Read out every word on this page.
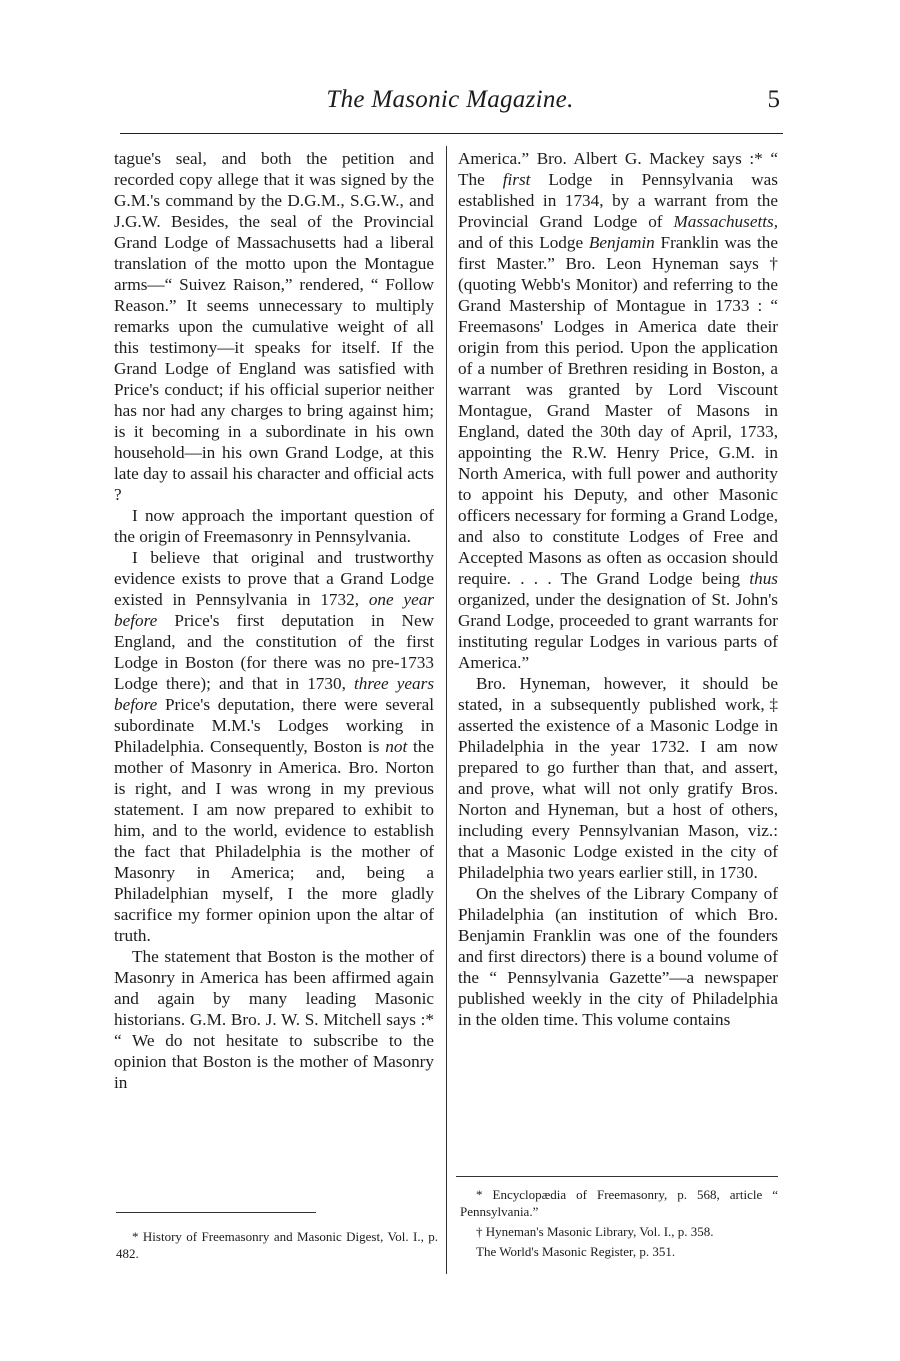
The Masonic Magazine.	5

tague's seal, and both the petition and recorded copy allege that it was signed by the G.M.'s command by the D.G.M., S.G.W., and J.G.W. Besides, the seal of the Provincial Grand Lodge of Massachusetts had a liberal translation of the motto upon the Montague arms—“ Suivez Raison,” rendered, “ Follow Reason.” It seems unnecessary to multiply remarks upon the cumulative weight of all this testimony—it speaks for itself. If the Grand Lodge of England was satisfied with Price's conduct; if his official superior neither has nor had any charges to bring against him; is it becoming in a subordinate in his own household—in his own Grand Lodge, at this late day to assail his character and official acts ?

I now approach the important question of the origin of Freemasonry in Pennsylvania.

I believe that original and trustworthy evidence exists to prove that a Grand Lodge existed in Pennsylvania in 1732, one year before Price's first deputation in New England, and the constitution of the first Lodge in Boston (for there was no pre-1733 Lodge there); and that in 1730, three years before Price's deputation, there were several subordinate M.M.'s Lodges working in Philadelphia. Consequently, Boston is not the mother of Masonry in America. Bro. Norton is right, and I was wrong in my previous statement. I am now prepared to exhibit to him, and to the world, evidence to establish the fact that Philadelphia is the mother of Masonry in America; and, being a Philadelphian myself, I the more gladly sacrifice my former opinion upon the altar of truth.

The statement that Boston is the mother of Masonry in America has been affirmed again and again by many leading Masonic historians. G.M. Bro. J. W. S. Mitchell says :* “ We do not hesitate to subscribe to the opinion that Boston is the mother of Masonry in

America.” Bro. Albert G. Mackey says :* “ The first Lodge in Pennsylvania was established in 1734, by a warrant from the Provincial Grand Lodge of Massachusetts, and of this Lodge Benjamin Franklin was the first Master.” Bro. Leon Hyneman says † (quoting Webb's Monitor) and referring to the Grand Mastership of Montague in 1733 : “ Freemasons' Lodges in America date their origin from this period. Upon the application of a number of Brethren residing in Boston, a warrant was granted by Lord Viscount Montague, Grand Master of Masons in England, dated the 30th day of April, 1733, appointing the R.W. Henry Price, G.M. in North America, with full power and authority to appoint his Deputy, and other Masonic officers necessary for forming a Grand Lodge, and also to constitute Lodges of Free and Accepted Masons as often as occasion should require. . . . The Grand Lodge being thus organized, under the designation of St. John's Grand Lodge, proceeded to grant warrants for instituting regular Lodges in various parts of America.”

Bro. Hyneman, however, it should be stated, in a subsequently published work,‡ asserted the existence of a Masonic Lodge in Philadelphia in the year 1732. I am now prepared to go further than that, and assert, and prove, what will not only gratify Bros. Norton and Hyneman, but a host of others, including every Pennsylvanian Mason, viz.: that a Masonic Lodge existed in the city of Philadelphia two years earlier still, in 1730.

On the shelves of the Library Company of Philadelphia (an institution of which Bro. Benjamin Franklin was one of the founders and first directors) there is a bound volume of the “ Pennsylvania Gazette”—a newspaper published weekly in the city of Philadelphia in the olden time. This volume contains

* History of Freemasonry and Masonic Digest, Vol. I., p. 482.

* Encyclopædia of Freemasonry, p. 568, article “ Pennsylvania.”

† Hyneman's Masonic Library, Vol. I., p. 358.

The World's Masonic Register, p. 351.
